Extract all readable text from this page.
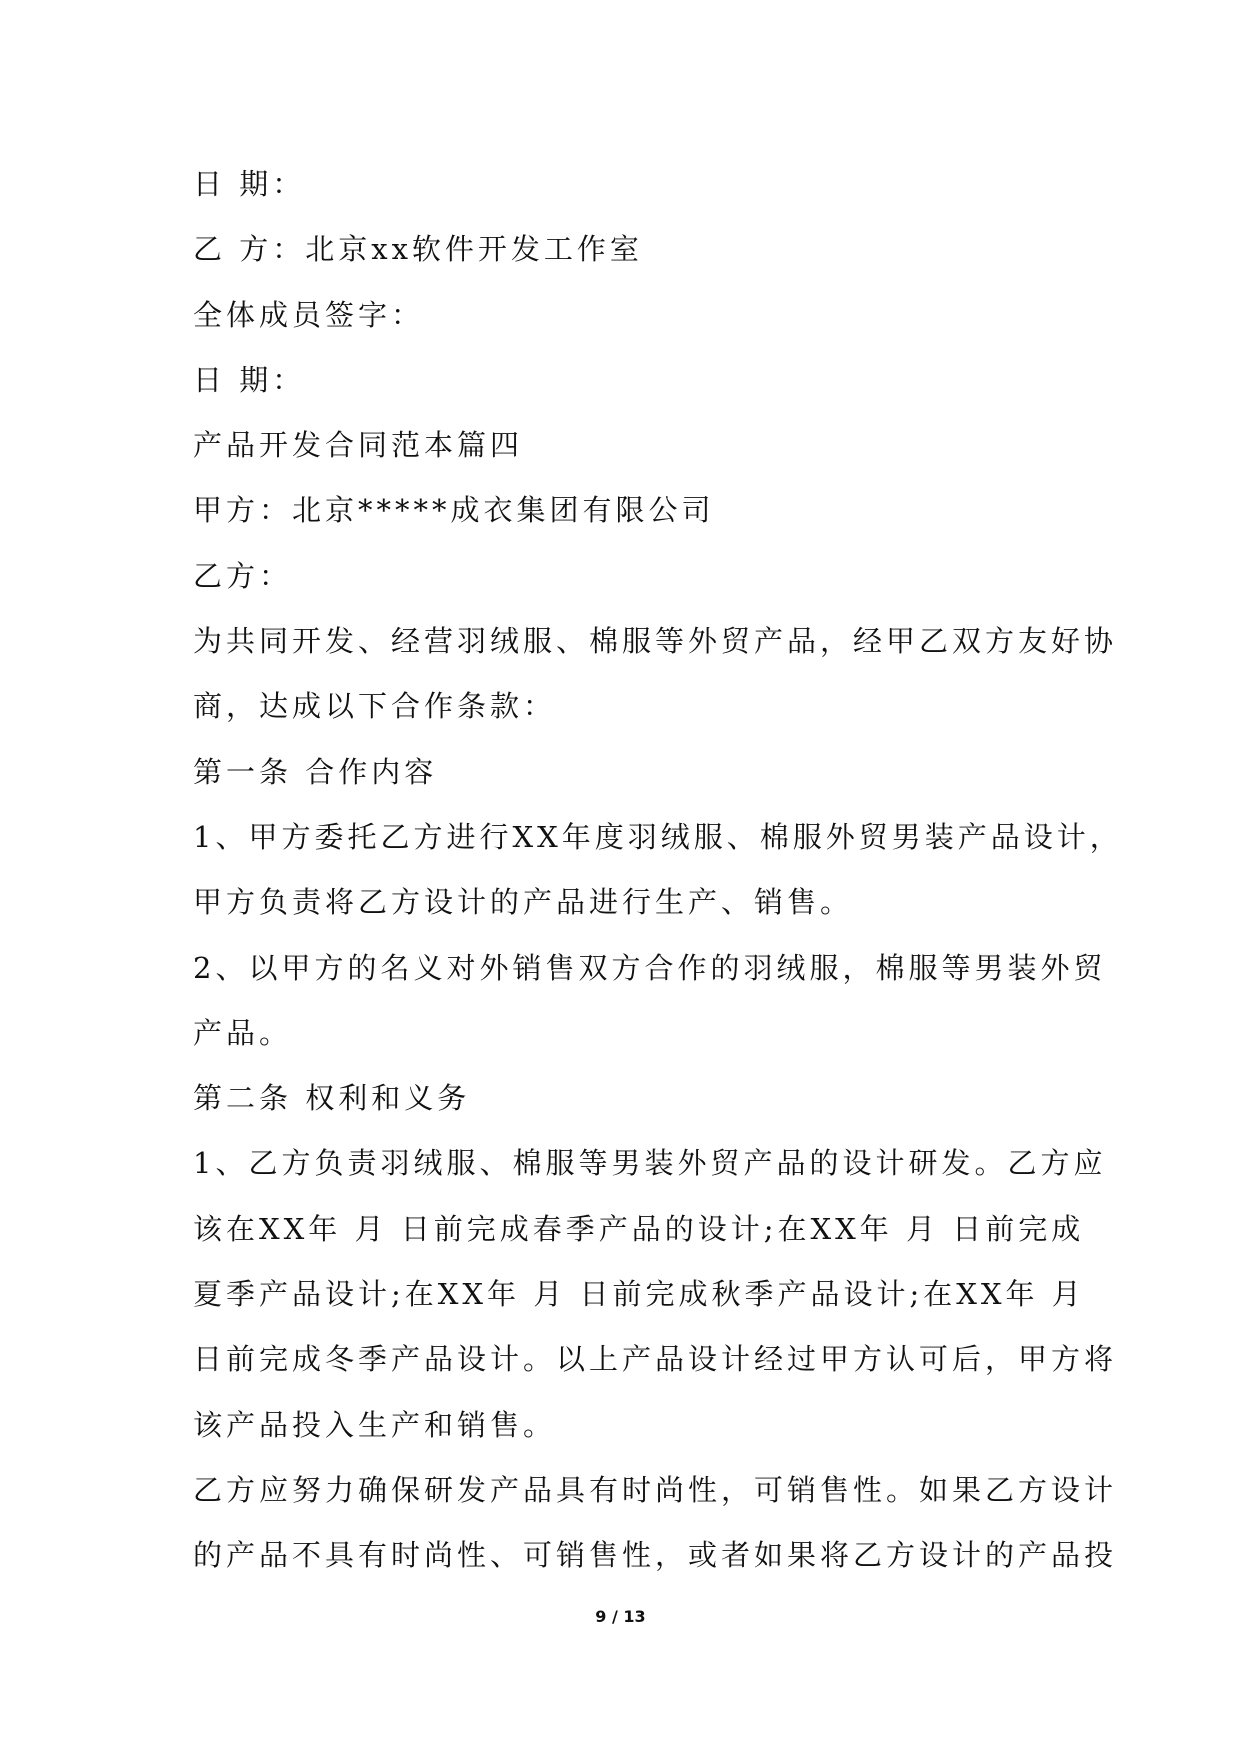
日 期：
乙 方：北京xx软件开发工作室
全体成员签字：
日 期：
产品开发合同范本篇四
甲方：北京*****成衣集团有限公司
乙方：
为共同开发、经营羽绒服、棉服等外贸产品，经甲乙双方友好协
商，达成以下合作条款：
第一条 合作内容
1、甲方委托乙方进行XX年度羽绒服、棉服外贸男装产品设计，
甲方负责将乙方设计的产品进行生产、销售。
2、以甲方的名义对外销售双方合作的羽绒服，棉服等男装外贸
产品。
第二条 权利和义务
1、乙方负责羽绒服、棉服等男装外贸产品的设计研发。乙方应
该在XX年 月 日前完成春季产品的设计;在XX年 月 日前完成
夏季产品设计;在XX年 月 日前完成秋季产品设计;在XX年 月
日前完成冬季产品设计。以上产品设计经过甲方认可后，甲方将
该产品投入生产和销售。
乙方应努力确保研发产品具有时尚性，可销售性。如果乙方设计
的产品不具有时尚性、可销售性，或者如果将乙方设计的产品投
9 / 13
